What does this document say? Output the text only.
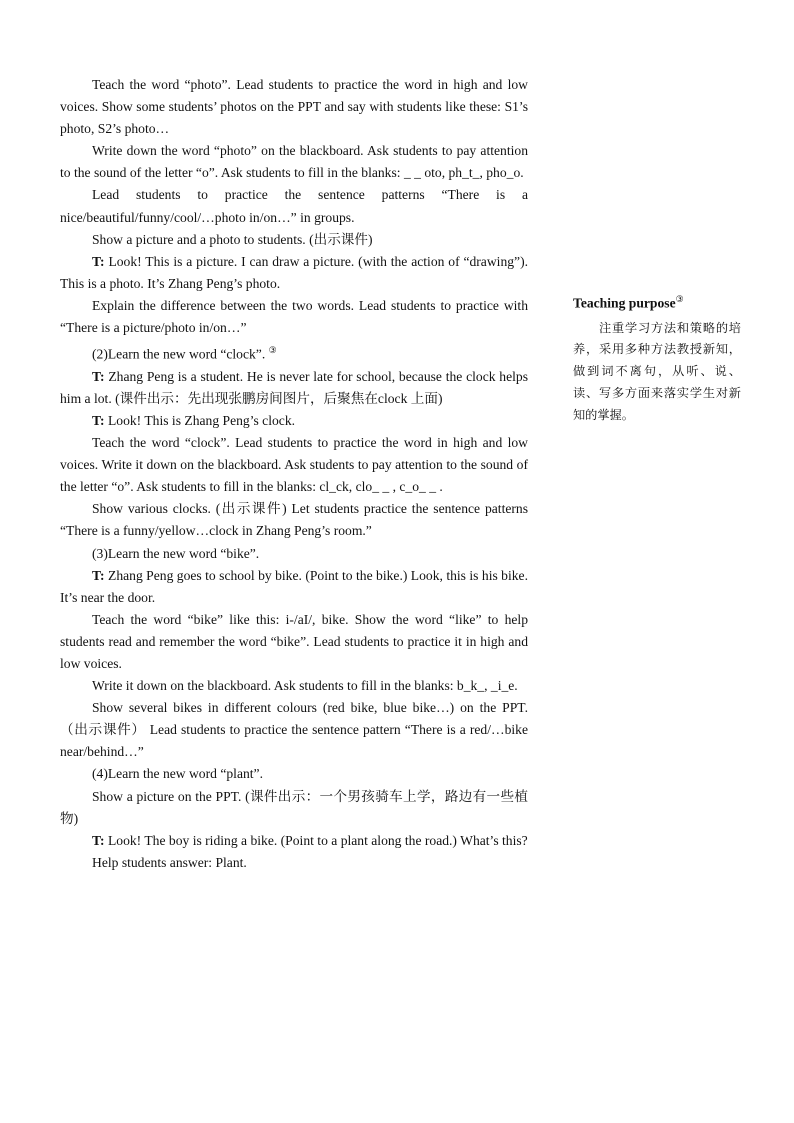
Teach the word “photo”. Lead students to practice the word in high and low voices. Show some students’ photos on the PPT and say with students like these: S1’s photo, S2’s photo…

Write down the word “photo” on the blackboard. Ask students to pay attention to the sound of the letter “o”. Ask students to fill in the blanks: _ _ oto, ph_t_, pho_o.

Lead students to practice the sentence patterns “There is a nice/beautiful/funny/cool/…photo in/on…” in groups.

Show a picture and a photo to students. (出示课件)

T: Look! This is a picture. I can draw a picture. (with the action of “drawing”). This is a photo. It’s Zhang Peng’s photo.

Explain the difference between the two words. Lead students to practice with “There is a picture/photo in/on…”

(2)Learn the new word “clock”. ③

T: Zhang Peng is a student. He is never late for school, because the clock helps him a lot. (课件出示：先出现张鹏房间图片，后聚焦在clock 上面)

T: Look! This is Zhang Peng’s clock.

Teach the word “clock”. Lead students to practice the word in high and low voices. Write it down on the blackboard. Ask students to pay attention to the sound of the letter “o”. Ask students to fill in the blanks: cl_ck, clo_ _ , c_o_ _ .

Show various clocks. (出示课件) Let students practice the sentence patterns “There is a funny/yellow…clock in Zhang Peng’s room.”

(3)Learn the new word “bike”.

T: Zhang Peng goes to school by bike. (Point to the bike.) Look, this is his bike. It’s near the door.

Teach the word “bike” like this: i-/aI/, bike. Show the word “like” to help students read and remember the word “bike”. Lead students to practice it in high and low voices.

Write it down on the blackboard. Ask students to fill in the blanks: b_k_, _i_e.

Show several bikes in different colours (red bike, blue bike…) on the PPT. （出示课件） Lead students to practice the sentence pattern “There is a red/…bike near/behind…”

(4)Learn the new word “plant”.

Show a picture on the PPT. (课件出示：一个男孩骑车上学，路边有一些植物)

T: Look! The boy is riding a bike. (Point to a plant along the road.) What’s this?

Help students answer: Plant.

Teaching purpose③

注重学习方法和策略的培养，采用多种方法教授新知，做到词不离句，从听、说、读、写多方面来落实学生对新知的掌握。
